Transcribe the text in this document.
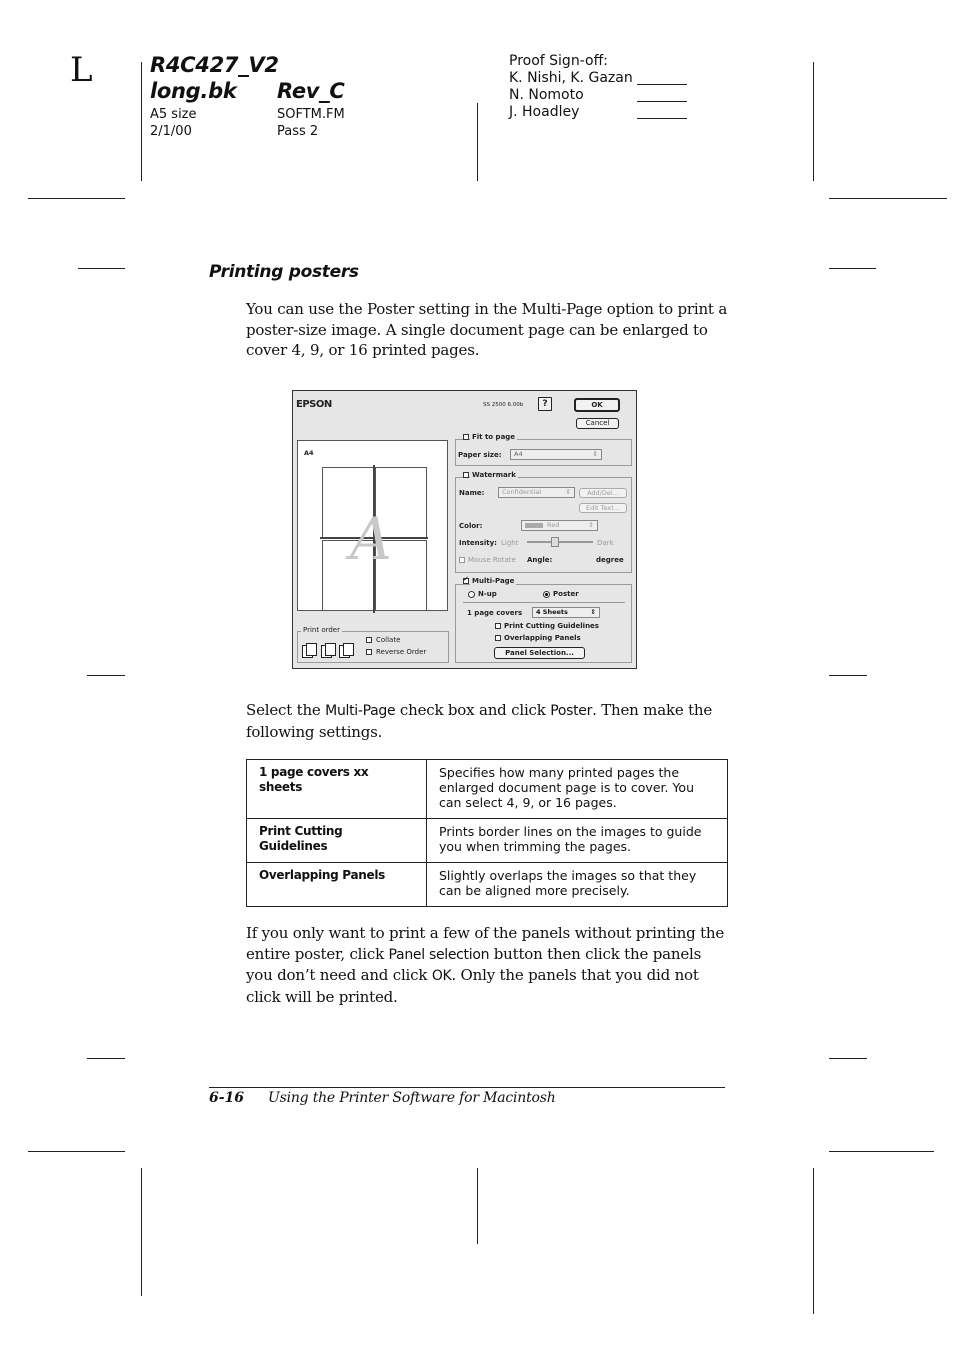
L	R4C427_V2
long.bk Rev_C
A5 size
2/1/00
SOFTM.FM
Pass 2
Proof Sign-off:
K. Nishi, K. Gazan
N. Nomoto
J. Hoadley
Printing posters
You can use the Poster setting in the Multi-Page option to print a poster-size image. A single document page can be enlarged to cover 4, 9, or 16 printed pages.
EPSON	SS 2500 6.00b	?	OK
Cancel
A4
A
Print order
Collate
Reverse Order
Fit to page
Paper size:	A4	⇕
Watermark
Name:	Confidential	⇕	Add/Del...
Edit Text...
Color:	Red	⇕
Intensity: Light	Dark
Mouse Rotate Angle:	degree
✓
Multi-Page
N-up	Poster
1 page covers	4 Sheets	⇕
Print Cutting Guidelines
Overlapping Panels
Panel Selection...
Select the Multi-Page check box and click Poster. Then make the following settings.
1 page covers xx sheets	Specifies how many printed pages the enlarged document page is to cover. You can select 4, 9, or 16 pages.
Print Cutting Guidelines	Prints border lines on the images to guide you when trimming the pages.
Overlapping Panels	Slightly overlaps the images so that they can be aligned more precisely.
If you only want to print a few of the panels without printing the entire poster, click Panel selection button then click the panels you don’t need and click OK. Only the panels that you did not click will be printed.
6-16 Using the Printer Software for Macintosh
